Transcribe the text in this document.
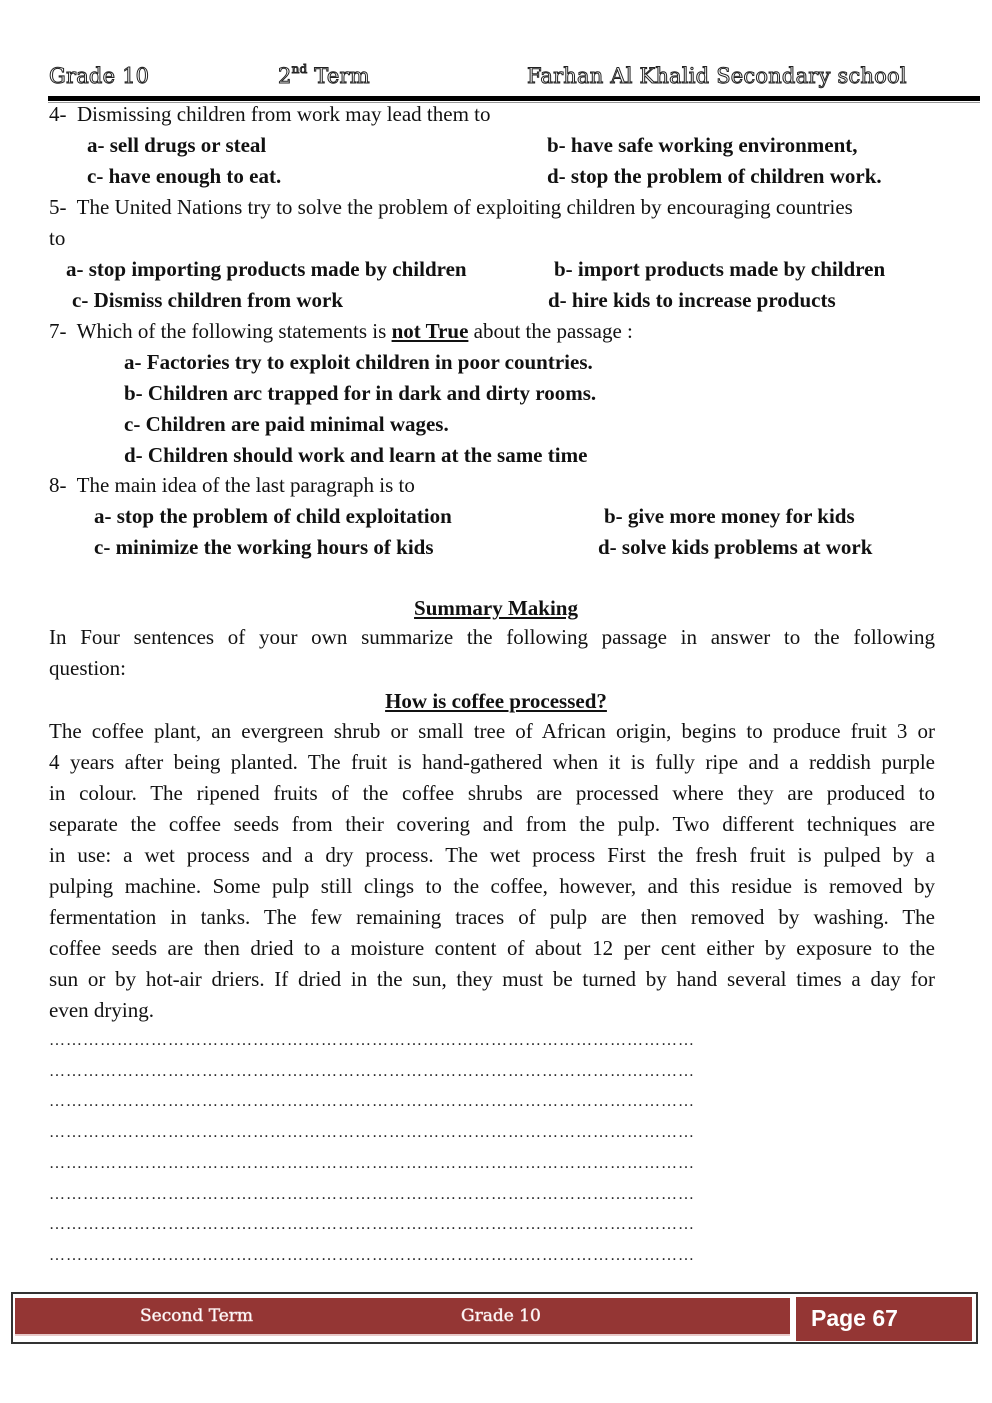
Grade 10	2nd Term	Farhan Al Khalid Secondary school
4- Dismissing children from work may lead them to
a- sell drugs or steal	b- have safe working environment,
c- have enough to eat.	d- stop the problem of children work.
5- The United Nations try to solve the problem of exploiting children by encouraging countries
to
a- stop importing products made by children	b- import products made by children
c- Dismiss children from work	d- hire kids to increase products
7- Which of the following statements is not True about the passage :
a- Factories try to exploit children in poor countries.
b- Children arc trapped for in dark and dirty rooms.
c- Children are paid minimal wages.
d- Children should work and learn at the same time
8- The main idea of the last paragraph is to
a- stop the problem of child exploitation	b- give more money for kids
c- minimize the working hours of kids	d- solve kids problems at work
Summary Making
In Four sentences of your own summarize the following passage in answer to the following
question:
How is coffee processed?
The coffee plant, an evergreen shrub or small tree of African origin, begins to produce fruit 3 or
4 years after being planted. The fruit is hand-gathered when it is fully ripe and a reddish purple
in colour. The ripened fruits of the coffee shrubs are processed where they are produced to
separate the coffee seeds from their covering and from the pulp. Two different techniques are
in use: a wet process and a dry process. The wet process First the fresh fruit is pulped by a
pulping machine. Some pulp still clings to the coffee, however, and this residue is removed by
fermentation in tanks. The few remaining traces of pulp are then removed by washing. The
coffee seeds are then dried to a moisture content of about 12 per cent either by exposure to the
sun or by hot-air driers. If dried in the sun, they must be turned by hand several times a day for
even drying.
……………………………………………………………………………………………………
……………………………………………………………………………………………………
……………………………………………………………………………………………………
……………………………………………………………………………………………………
……………………………………………………………………………………………………
……………………………………………………………………………………………………
……………………………………………………………………………………………………
……………………………………………………………………………………………………
Second Term	Grade 10	Page 67
